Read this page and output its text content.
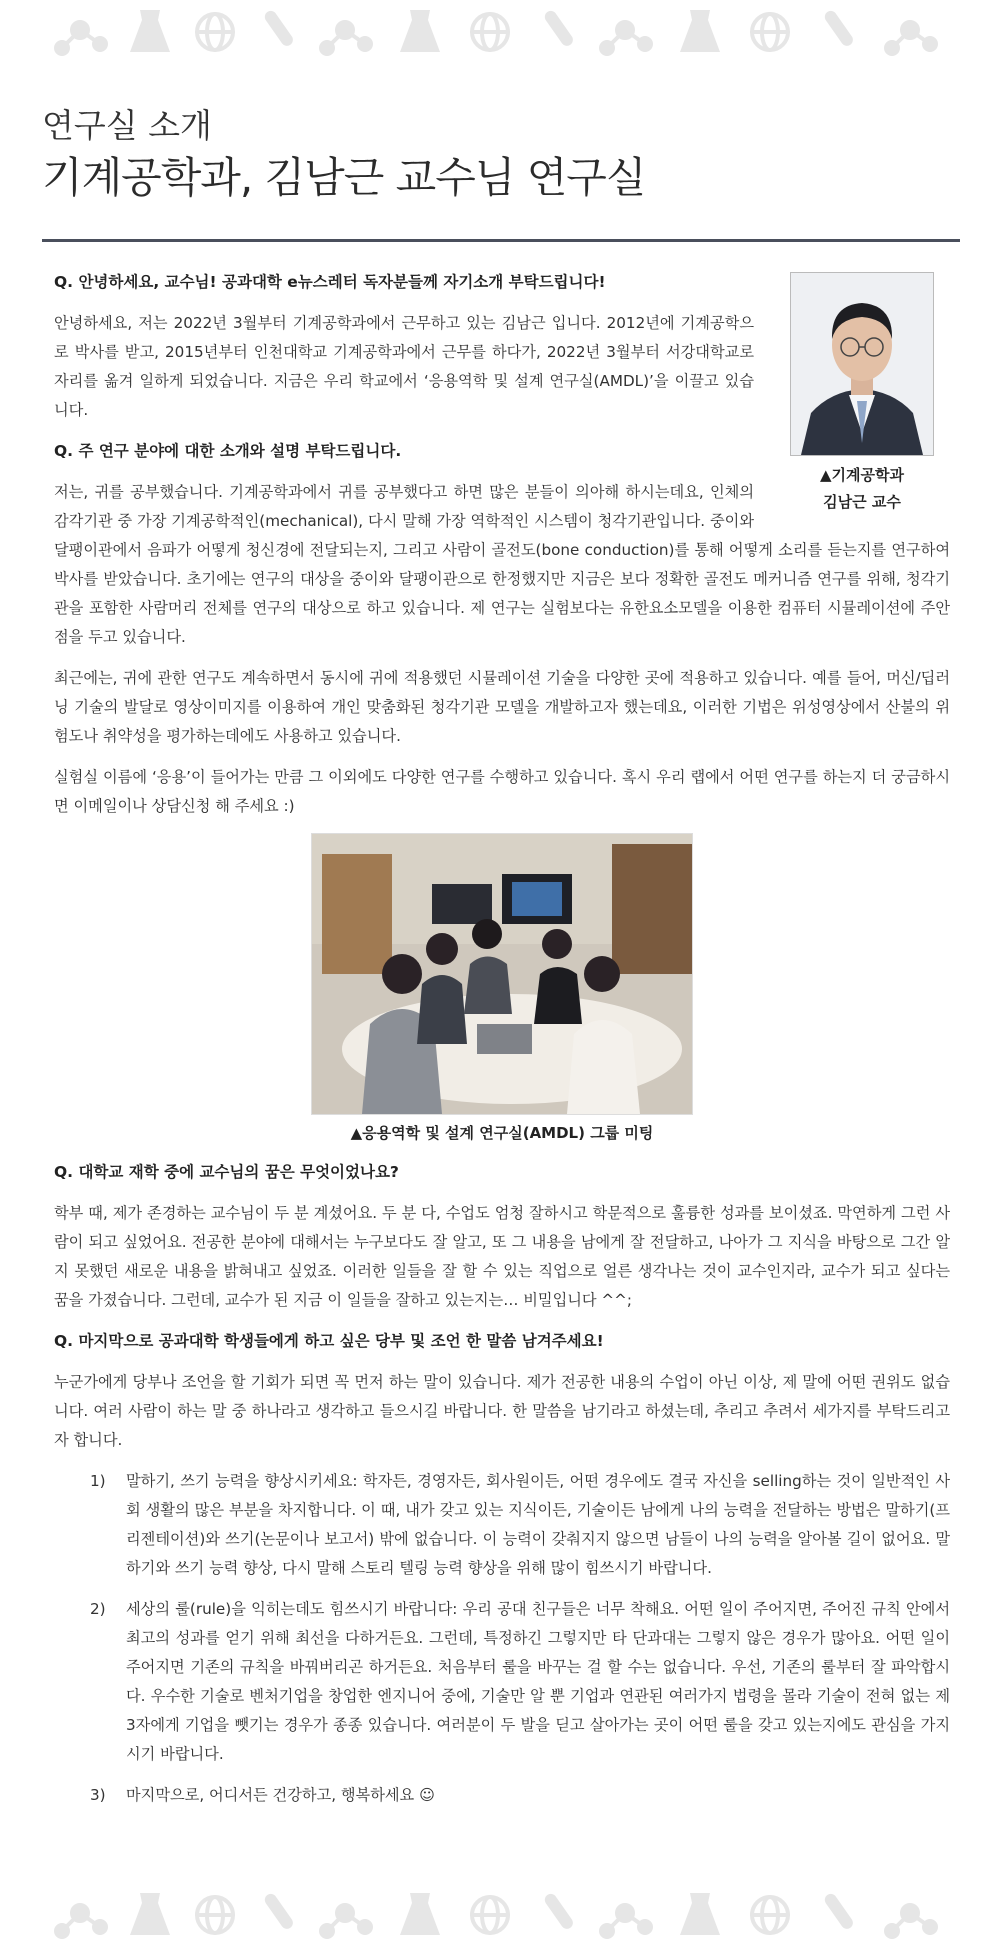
연구실 소개
기계공학과, 김남근 교수님 연구실
▲기계공학과
김남근 교수
Q. 안녕하세요, 교수님! 공과대학 e뉴스레터 독자분들께 자기소개 부탁드립니다!

안녕하세요, 저는 2022년 3월부터 기계공학과에서 근무하고 있는 김남근 입니다. 2012년에 기계공학으로 박사를 받고, 2015년부터 인천대학교 기계공학과에서 근무를 하다가, 2022년 3월부터 서강대학교로 자리를 옮겨 일하게 되었습니다. 지금은 우리 학교에서 ‘응용역학 및 설계 연구실(AMDL)’을 이끌고 있습니다.

Q. 주 연구 분야에 대한 소개와 설명 부탁드립니다.

저는, 귀를 공부했습니다. 기계공학과에서 귀를 공부했다고 하면 많은 분들이 의아해 하시는데요, 인체의 감각기관 중 가장 기계공학적인(mechanical), 다시 말해 가장 역학적인 시스템이 청각기관입니다. 중이와 달팽이관에서 음파가 어떻게 청신경에 전달되는지, 그리고 사람이 골전도(bone conduction)를 통해 어떻게 소리를 듣는지를 연구하여 박사를 받았습니다. 초기에는 연구의 대상을 중이와 달팽이관으로 한정했지만 지금은 보다 정확한 골전도 메커니즘 연구를 위해, 청각기관을 포함한 사람머리 전체를 연구의 대상으로 하고 있습니다. 제 연구는 실험보다는 유한요소모델을 이용한 컴퓨터 시뮬레이션에 주안점을 두고 있습니다.

최근에는, 귀에 관한 연구도 계속하면서 동시에 귀에 적용했던 시뮬레이션 기술을 다양한 곳에 적용하고 있습니다. 예를 들어, 머신/딥러닝 기술의 발달로 영상이미지를 이용하여 개인 맞춤화된 청각기관 모델을 개발하고자 했는데요, 이러한 기법은 위성영상에서 산불의 위험도나 취약성을 평가하는데에도 사용하고 있습니다.

실험실 이름에 ‘응용’이 들어가는 만큼 그 이외에도 다양한 연구를 수행하고 있습니다. 혹시 우리 랩에서 어떤 연구를 하는지 더 궁금하시면 이메일이나 상담신청 해 주세요 :)

▲응용역학 및 설계 연구실(AMDL) 그룹 미팅
Q. 대학교 재학 중에 교수님의 꿈은 무엇이었나요?

학부 때, 제가 존경하는 교수님이 두 분 계셨어요. 두 분 다, 수업도 엄청 잘하시고 학문적으로 훌륭한 성과를 보이셨죠. 막연하게 그런 사람이 되고 싶었어요. 전공한 분야에 대해서는 누구보다도 잘 알고, 또 그 내용을 남에게 잘 전달하고, 나아가 그 지식을 바탕으로 그간 알지 못했던 새로운 내용을 밝혀내고 싶었죠. 이러한 일들을 잘 할 수 있는 직업으로 얼른 생각나는 것이 교수인지라, 교수가 되고 싶다는 꿈을 가졌습니다. 그런데, 교수가 된 지금 이 일들을 잘하고 있는지는… 비밀입니다 ^^;

Q. 마지막으로 공과대학 학생들에게 하고 싶은 당부 및 조언 한 말씀 남겨주세요!

누군가에게 당부나 조언을 할 기회가 되면 꼭 먼저 하는 말이 있습니다. 제가 전공한 내용의 수업이 아닌 이상, 제 말에 어떤 권위도 없습니다. 여러 사람이 하는 말 중 하나라고 생각하고 들으시길 바랍니다. 한 말씀을 남기라고 하셨는데, 추리고 추려서 세가지를 부탁드리고자 합니다.

1) 말하기, 쓰기 능력을 향상시키세요: 학자든, 경영자든, 회사원이든, 어떤 경우에도 결국 자신을 selling하는 것이 일반적인 사회 생활의 많은 부분을 차지합니다. 이 때, 내가 갖고 있는 지식이든, 기술이든 남에게 나의 능력을 전달하는 방법은 말하기(프리젠테이션)와 쓰기(논문이나 보고서) 밖에 없습니다. 이 능력이 갖춰지지 않으면 남들이 나의 능력을 알아볼 길이 없어요. 말하기와 쓰기 능력 향상, 다시 말해 스토리 텔링 능력 향상을 위해 많이 힘쓰시기 바랍니다.
2) 세상의 룰(rule)을 익히는데도 힘쓰시기 바랍니다: 우리 공대 친구들은 너무 착해요. 어떤 일이 주어지면, 주어진 규칙 안에서 최고의 성과를 얻기 위해 최선을 다하거든요. 그런데, 특정하긴 그렇지만 타 단과대는 그렇지 않은 경우가 많아요. 어떤 일이 주어지면 기존의 규칙을 바꿔버리곤 하거든요. 처음부터 룰을 바꾸는 걸 할 수는 없습니다. 우선, 기존의 룰부터 잘 파악합시다. 우수한 기술로 벤처기업을 창업한 엔지니어 중에, 기술만 알 뿐 기업과 연관된 여러가지 법령을 몰라 기술이 전혀 없는 제 3자에게 기업을 뺏기는 경우가 종종 있습니다. 여러분이 두 발을 딛고 살아가는 곳이 어떤 룰을 갖고 있는지에도 관심을 가지시기 바랍니다.
3) 마지막으로, 어디서든 건강하고, 행복하세요 ☺
